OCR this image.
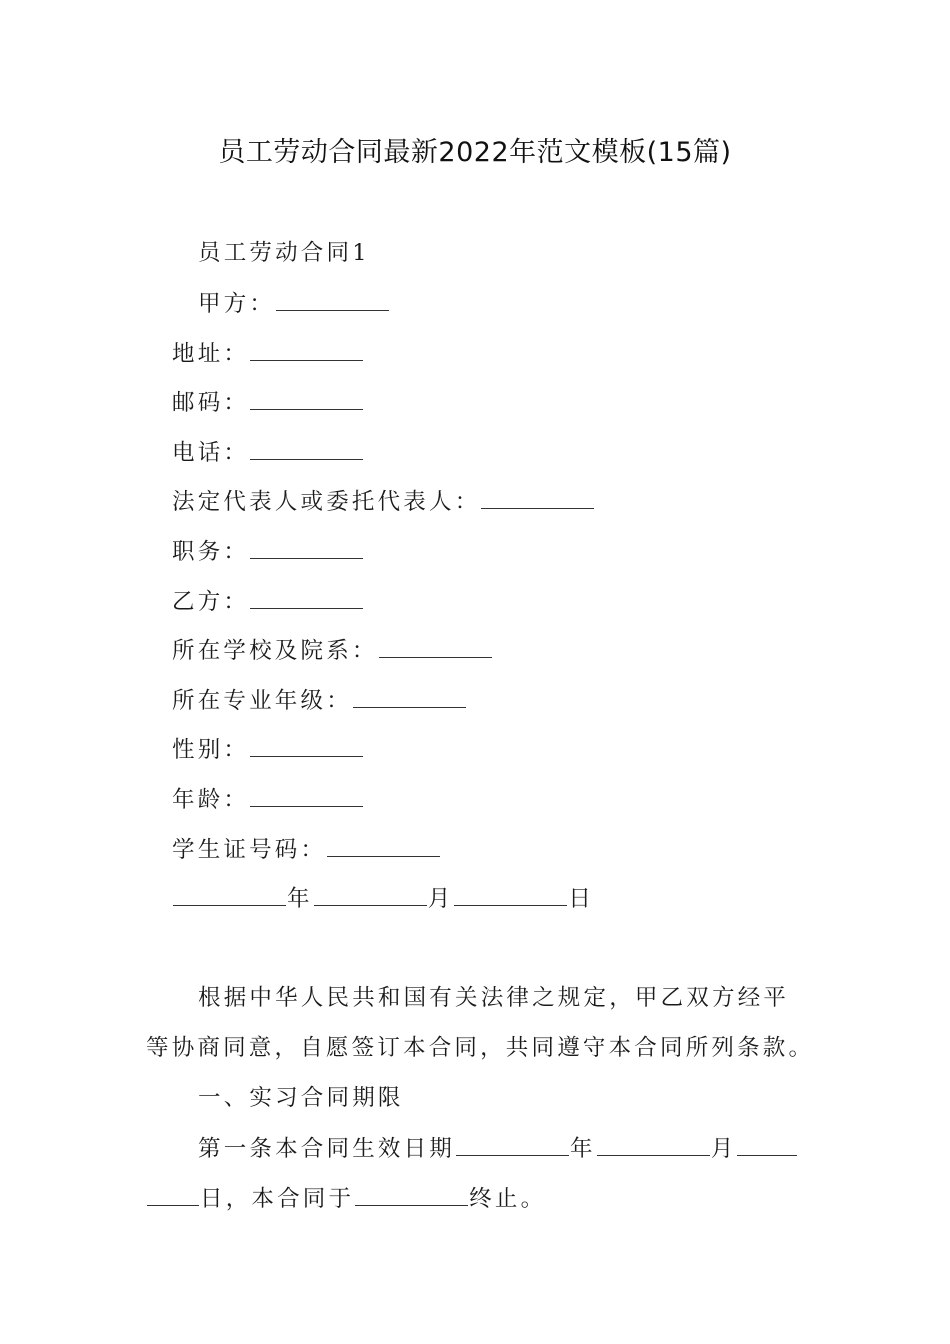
员工劳动合同最新2022年范文模板(15篇)
员工劳动合同1
甲方：
地址：
邮码：
电话：
法定代表人或委托代表人：
职务：
乙方：
所在学校及院系：
所在专业年级：
性别：
年龄：
学生证号码：
年	月	日
根据中华人民共和国有关法律之规定，甲乙双方经平
等协商同意，自愿签订本合同，共同遵守本合同所列条款。
一、实习合同期限
第一条本合同生效日期	年	月
日，本合同于	终止。
